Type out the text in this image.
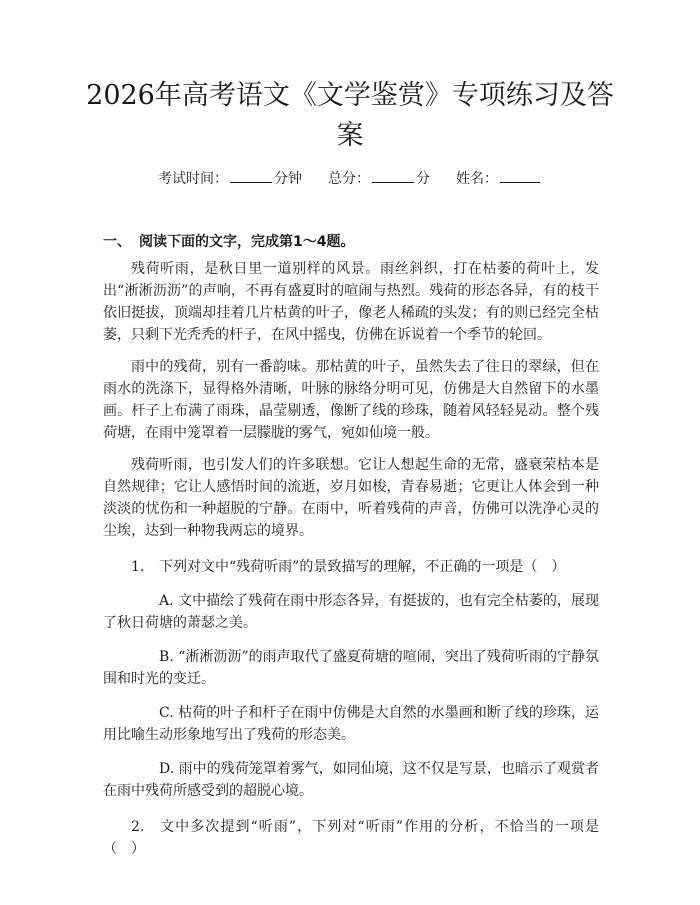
2026年高考语文《文学鉴赏》专项练习及答案
考试时间：	分钟 总分：	分 姓名：
一、 阅读下面的文字，完成第1～4题。

残荷听雨，是秋日里一道别样的风景。雨丝斜织，打在枯萎的荷叶上，发出“淅淅沥沥”的声响，不再有盛夏时的喧闹与热烈。残荷的形态各异，有的枝干依旧挺拔，顶端却挂着几片枯黄的叶子，像老人稀疏的头发；有的则已经完全枯萎，只剩下光秃秃的杆子，在风中摇曳，仿佛在诉说着一个季节的轮回。

雨中的残荷，别有一番韵味。那枯黄的叶子，虽然失去了往日的翠绿，但在雨水的洗涤下，显得格外清晰，叶脉的脉络分明可见，仿佛是大自然留下的水墨画。杆子上布满了雨珠，晶莹剔透，像断了线的珍珠，随着风轻轻晃动。整个残荷塘，在雨中笼罩着一层朦胧的雾气，宛如仙境一般。

残荷听雨，也引发人们的许多联想。它让人想起生命的无常，盛衰荣枯本是自然规律；它让人感悟时间的流逝，岁月如梭，青春易逝；它更让人体会到一种淡淡的忧伤和一种超脱的宁静。在雨中，听着残荷的声音，仿佛可以洗净心灵的尘埃，达到一种物我两忘的境界。

1. 下列对文中“残荷听雨”的景致描写的理解，不正确的一项是（　）

A. 文中描绘了残荷在雨中形态各异，有挺拔的，也有完全枯萎的，展现了秋日荷塘的萧瑟之美。

B. “淅淅沥沥”的雨声取代了盛夏荷塘的喧闹，突出了残荷听雨的宁静氛围和时光的变迁。

C. 枯荷的叶子和杆子在雨中仿佛是大自然的水墨画和断了线的珍珠，运用比喻生动形象地写出了残荷的形态美。

D. 雨中的残荷笼罩着雾气，如同仙境，这不仅是写景，也暗示了观赏者在雨中残荷所感受到的超脱心境。

2. 文中多次提到“听雨”，下列对“听雨”作用的分析，不恰当的一项是（　）
